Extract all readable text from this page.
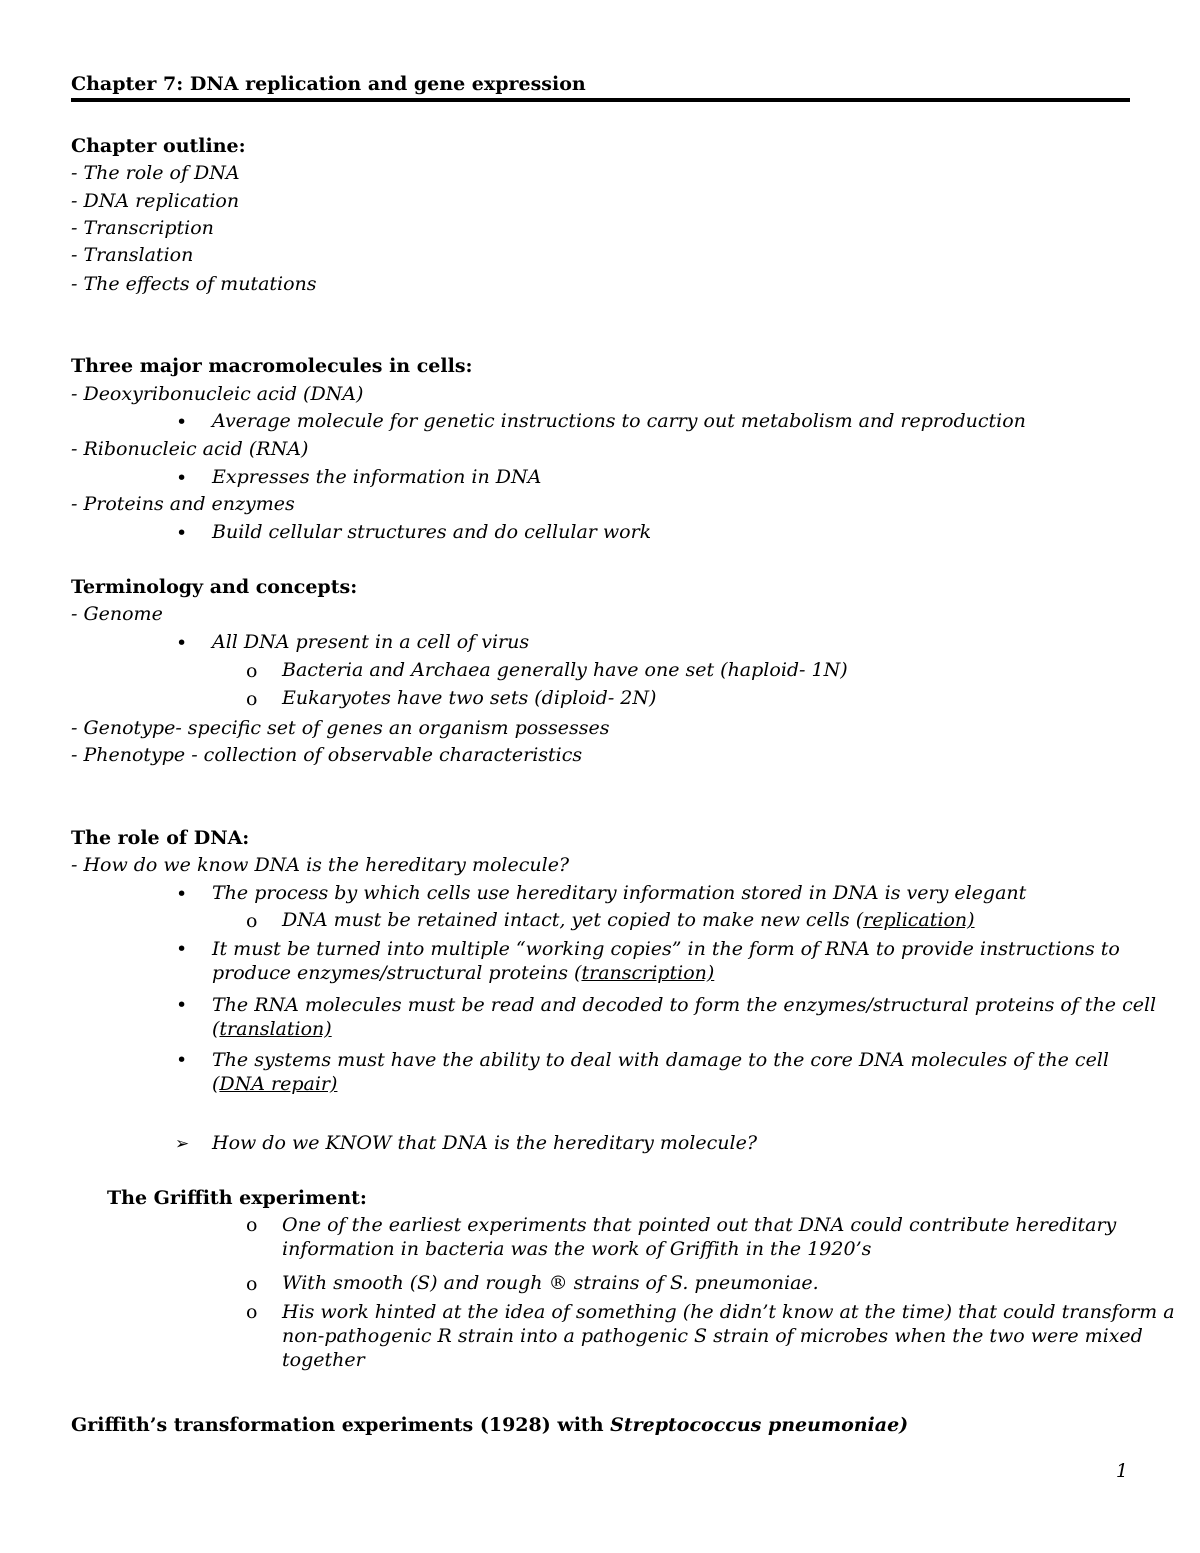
Chapter 7: DNA replication and gene expression
Chapter outline:
- The role of DNA
- DNA replication
- Transcription
- Translation
- The effects of mutations
Three major macromolecules in cells:
- Deoxyribonucleic acid (DNA)
• Average molecule for genetic instructions to carry out metabolism and reproduction
- Ribonucleic acid (RNA)
• Expresses the information in DNA
- Proteins and enzymes
• Build cellular structures and do cellular work
Terminology and concepts:
- Genome
• All DNA present in a cell of virus
o Bacteria and Archaea generally have one set (haploid- 1N)
o Eukaryotes have two sets (diploid- 2N)
- Genotype- specific set of genes an organism possesses
- Phenotype - collection of observable characteristics
The role of DNA:
- How do we know DNA is the hereditary molecule?
• The process by which cells use hereditary information stored in DNA is very elegant
o DNA must be retained intact, yet copied to make new cells (replication)
• It must be turned into multiple “working copies” in the form of RNA to provide instructions to produce enzymes/structural proteins (transcription)
• The RNA molecules must be read and decoded to form the enzymes/structural proteins of the cell (translation)
• The systems must have the ability to deal with damage to the core DNA molecules of the cell (DNA repair)
➢ How do we KNOW that DNA is the hereditary molecule?
The Griffith experiment:
o One of the earliest experiments that pointed out that DNA could contribute hereditary information in bacteria was the work of Griffith in the 1920’s
o With smooth (S) and rough ® strains of S. pneumoniae.
o His work hinted at the idea of something (he didn’t know at the time) that could transform a non-pathogenic R strain into a pathogenic S strain of microbes when the two were mixed together
Griffith’s transformation experiments (1928) with Streptococcus pneumoniae)
1
